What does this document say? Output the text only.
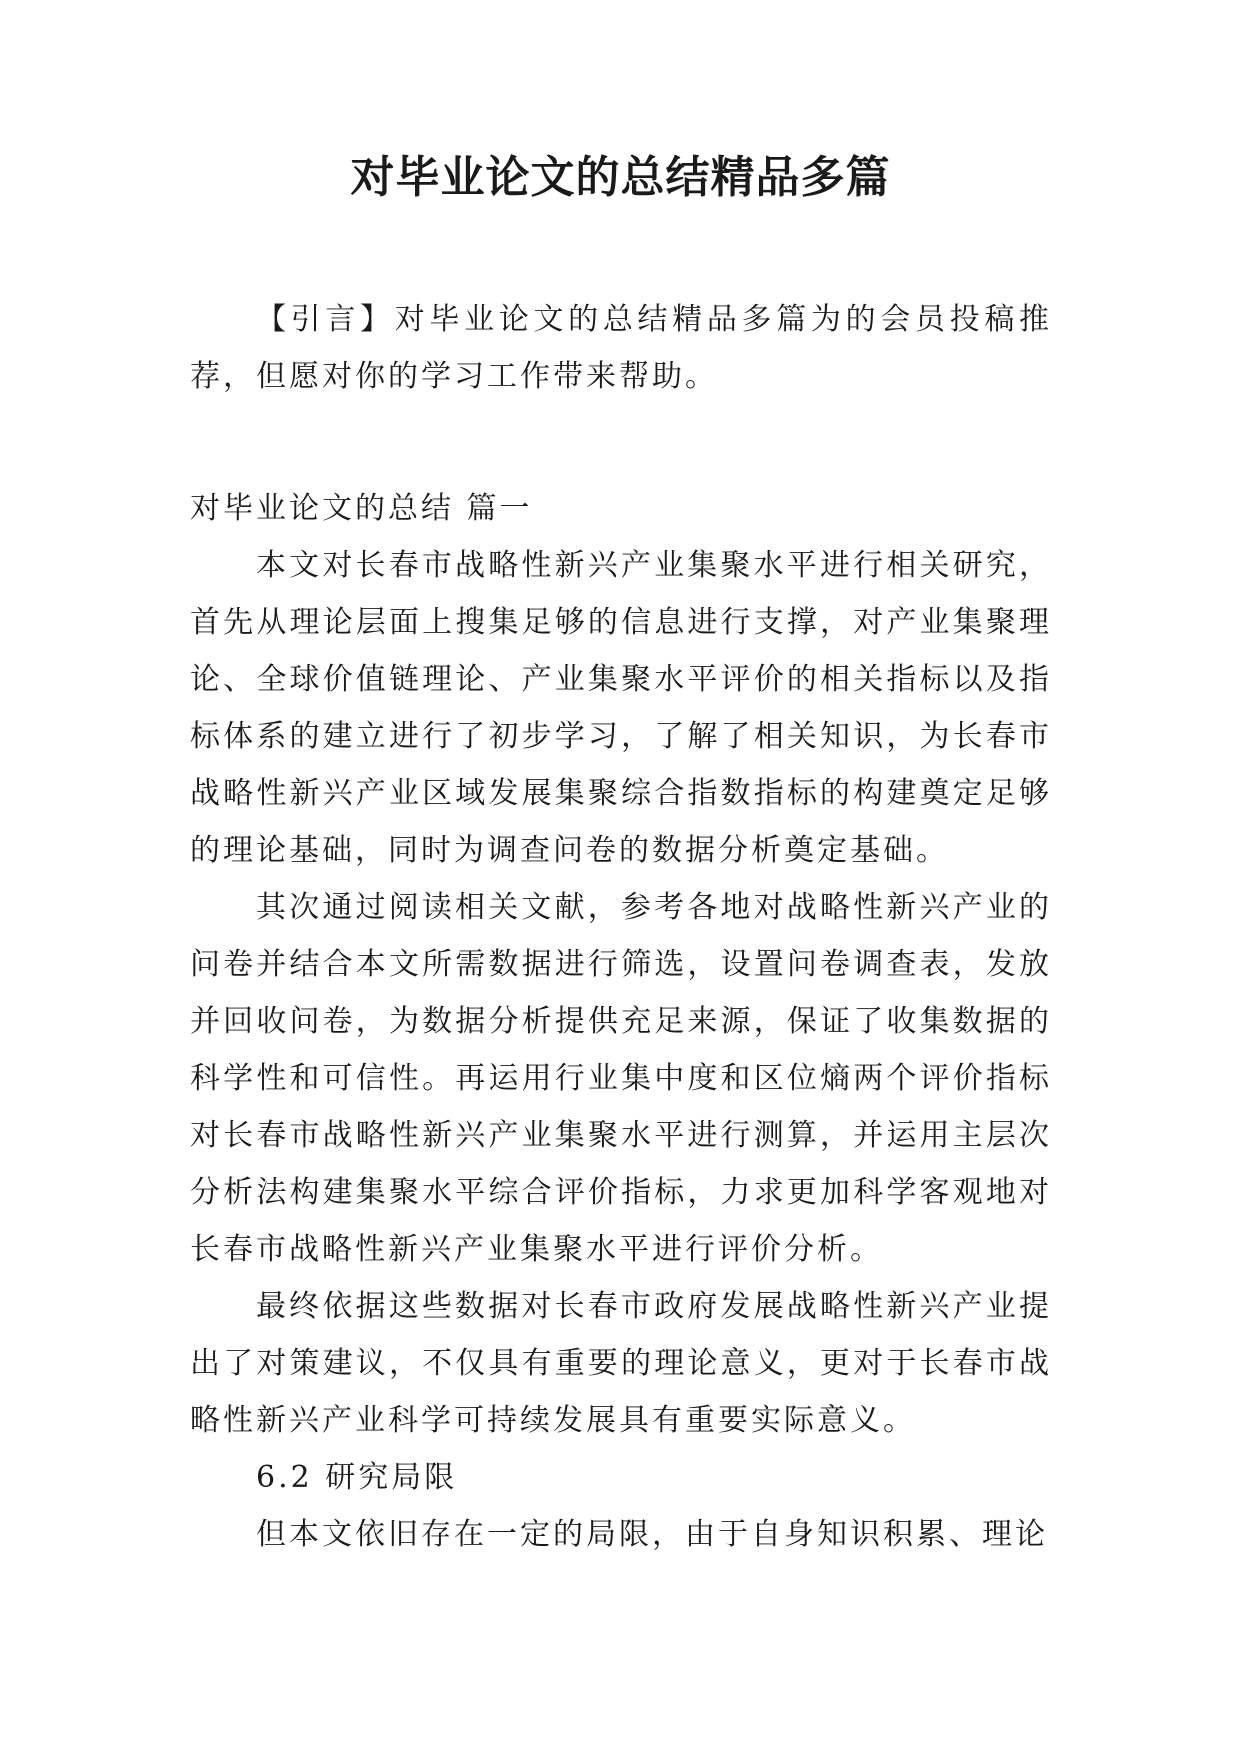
对毕业论文的总结精品多篇

【引言】对毕业论文的总结精品多篇为的会员投稿推荐，但愿对你的学习工作带来帮助。

对毕业论文的总结 篇一

本文对长春市战略性新兴产业集聚水平进行相关研究，首先从理论层面上搜集足够的信息进行支撑，对产业集聚理论、全球价值链理论、产业集聚水平评价的相关指标以及指标体系的建立进行了初步学习，了解了相关知识，为长春市战略性新兴产业区域发展集聚综合指数指标的构建奠定足够的理论基础，同时为调查问卷的数据分析奠定基础。

其次通过阅读相关文献，参考各地对战略性新兴产业的问卷并结合本文所需数据进行筛选，设置问卷调查表，发放并回收问卷，为数据分析提供充足来源，保证了收集数据的科学性和可信性。再运用行业集中度和区位熵两个评价指标对长春市战略性新兴产业集聚水平进行测算，并运用主层次分析法构建集聚水平综合评价指标，力求更加科学客观地对长春市战略性新兴产业集聚水平进行评价分析。

最终依据这些数据对长春市政府发展战略性新兴产业提出了对策建议，不仅具有重要的理论意义，更对于长春市战略性新兴产业科学可持续发展具有重要实际意义。

6.2 研究局限

但本文依旧存在一定的局限，由于自身知识积累、理论
